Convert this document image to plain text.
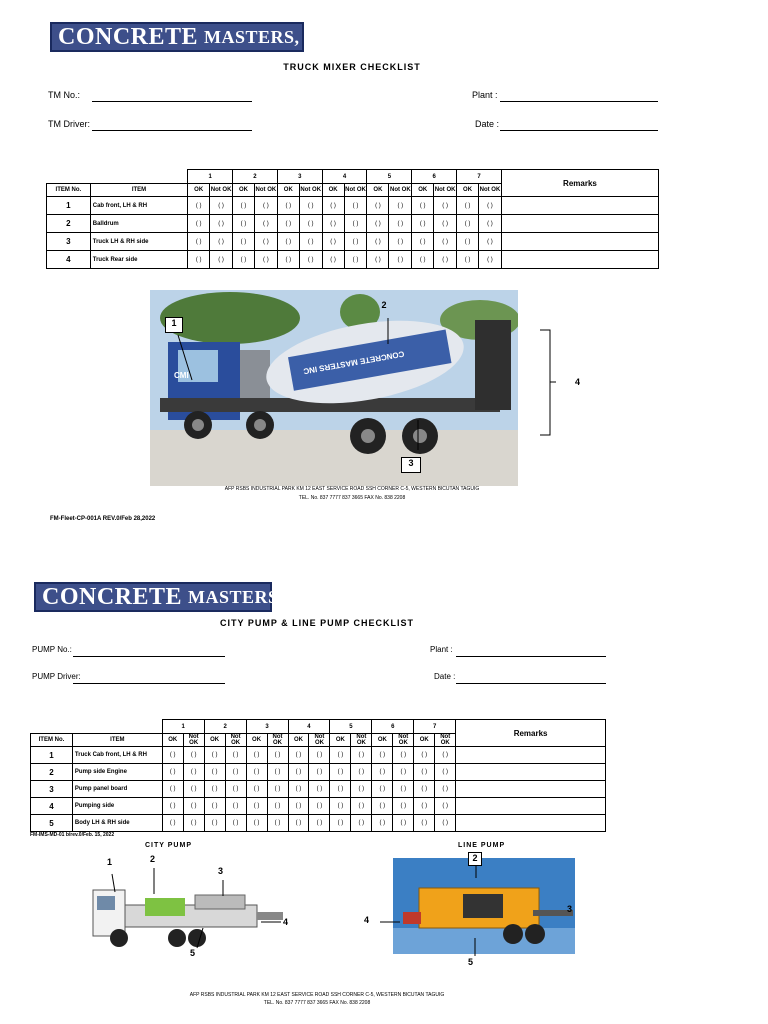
CONCRETE MASTERS, INC.
TRUCK MIXER CHECKLIST
TM No.:	Plant :
TM Driver:	Date :
		1		2		3		4		5		6		7		Remarks
ITEM No.	ITEM	OK	Not OK	OK	Not OK	OK	Not OK	OK	Not OK	OK	Not OK	OK	Not OK	OK	Not OK	
1	Cab front, LH & RH	( )	( )	( )	( )	( )	( )	( )	( )	( )	( )	( )	( )	( )	( )	
2	Balldrum	( )	( )	( )	( )	( )	( )	( )	( )	( )	( )	( )	( )	( )	( )	
3	Truck LH & RH side	( )	( )	( )	( )	( )	( )	( )	( )	( )	( )	( )	( )	( )	( )	
4	Truck Rear side	( )	( )	( )	( )	( )	( )	( )	( )	( )	( )	( )	( )	( )	( )	
CMI	CONCRETE MASTERS INC
1
2
3
4
AFP RSBS INDUSTRIAL PARK KM 12 EAST SERVICE ROAD SSH CORNER C-5, WESTERN BICUTAN TAGUIG
TEL. No. 837 7777 837 3665 FAX No. 838 2208
FM-Fleet-CP-001A REV.0/Feb 28,2022
CONCRETE MASTERS, INC.
CITY PUMP & LINE PUMP CHECKLIST
PUMP No.:	Plant :
PUMP Driver:	Date :
		1		2		3		4		5		6		7		Remarks
ITEM No.	ITEM	OK	Not OK	OK	Not OK	OK	Not OK	OK	Not OK	OK	Not OK	OK	Not OK	OK	Not OK	
1	Truck Cab front, LH & RH	( )	( )	( )	( )	( )	( )	( )	( )	( )	( )	( )	( )	( )	( )	
2	Pump side Engine	( )	( )	( )	( )	( )	( )	( )	( )	( )	( )	( )	( )	( )	( )	
3	Pump panel board	( )	( )	( )	( )	( )	( )	( )	( )	( )	( )	( )	( )	( )	( )	
4	Pumping side	( )	( )	( )	( )	( )	( )	( )	( )	( )	( )	( )	( )	( )	( )	
5	Body LH & RH side	( )	( )	( )	( )	( )	( )	( )	( )	( )	( )	( )	( )	( )	( )	
FM-IMS-MD-01 b/rev.0/Feb. 15, 2022
CITY PUMP	LINE PUMP
1	2
3
4
5
2
3
4
5
AFP RSBS INDUSTRIAL PARK KM 12 EAST SERVICE ROAD SSH CORNER C-5, WESTERN BICUTAN TAGUIG
TEL. No. 837 7777 837 3665 FAX No. 838 2208
